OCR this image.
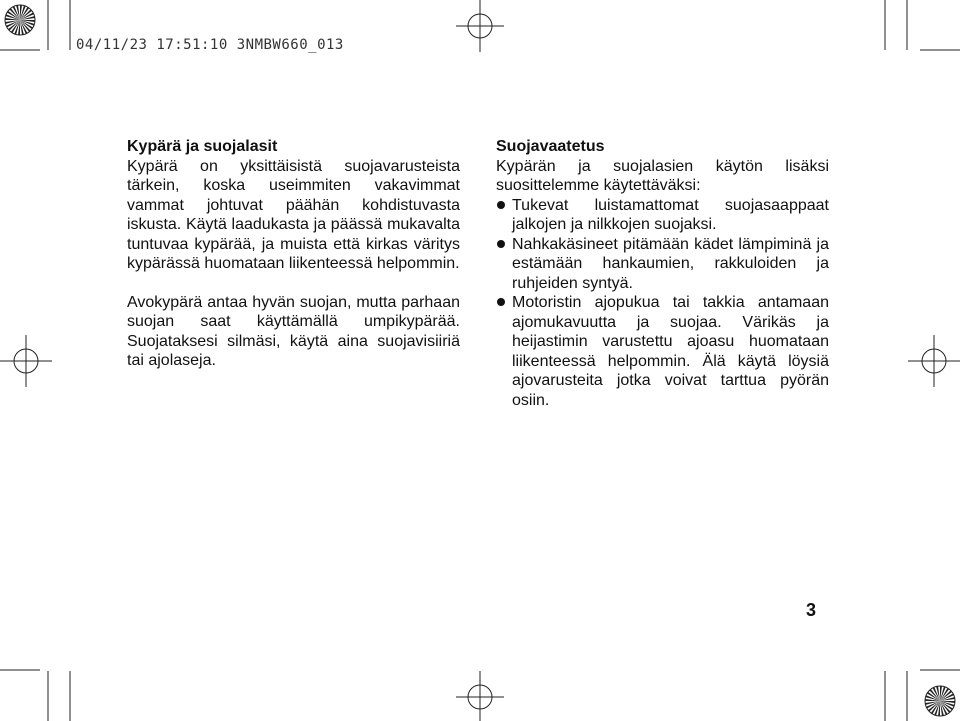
04/11/23 17:51:10 3NMBW660_013

Kypärä ja suojalasit

Kypärä on yksittäisistä suojavarusteista tärkein, koska useimmiten vakavimmat vammat johtuvat päähän kohdistuvasta iskusta. Käytä laadukasta ja päässä mukavalta tuntuvaa kypärää, ja muista että kirkas väritys kypärässä huomataan liikenteessä helpommin.

Avokypärä antaa hyvän suojan, mutta parhaan suojan saat käyttämällä umpikypärää. Suojataksesi silmäsi, käytä aina suojavisiiriä tai ajolaseja.

Suojavaatetus

Kypärän ja suojalasien käytön lisäksi suosittelemme käytettäväksi:

Tukevat luistamattomat suojasaappaat jalkojen ja nilkkojen suojaksi.
Nahkakäsineet pitämään kädet lämpiminä ja estämään hankaumien, rakkuloiden ja ruhjeiden syntyä.
Motoristin ajopukua tai takkia antamaan ajomukavuutta ja suojaa. Värikäs ja heijastimin varustettu ajoasu huomataan liikenteessä helpommin. Älä käytä löysiä ajovarusteita jotka voivat tarttua pyörän osiin.
3
